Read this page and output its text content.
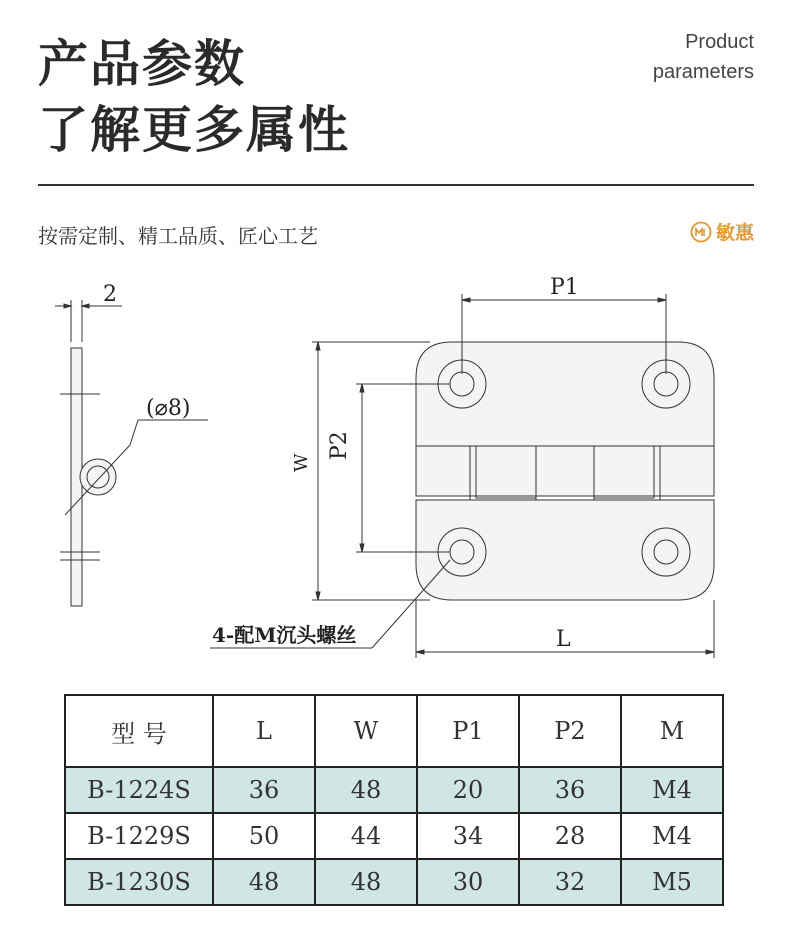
产品参数
了解更多属性
Product
parameters
按需定制、精工品质、匠心工艺	敏惠
2
(⌀8)
P1
P2
W
L
4-配M沉头螺丝
型 号	L	W	P1	P2	M
B-1224S	36	48	20	36	M4
B-1229S	50	44	34	28	M4
B-1230S	48	48	30	32	M5
